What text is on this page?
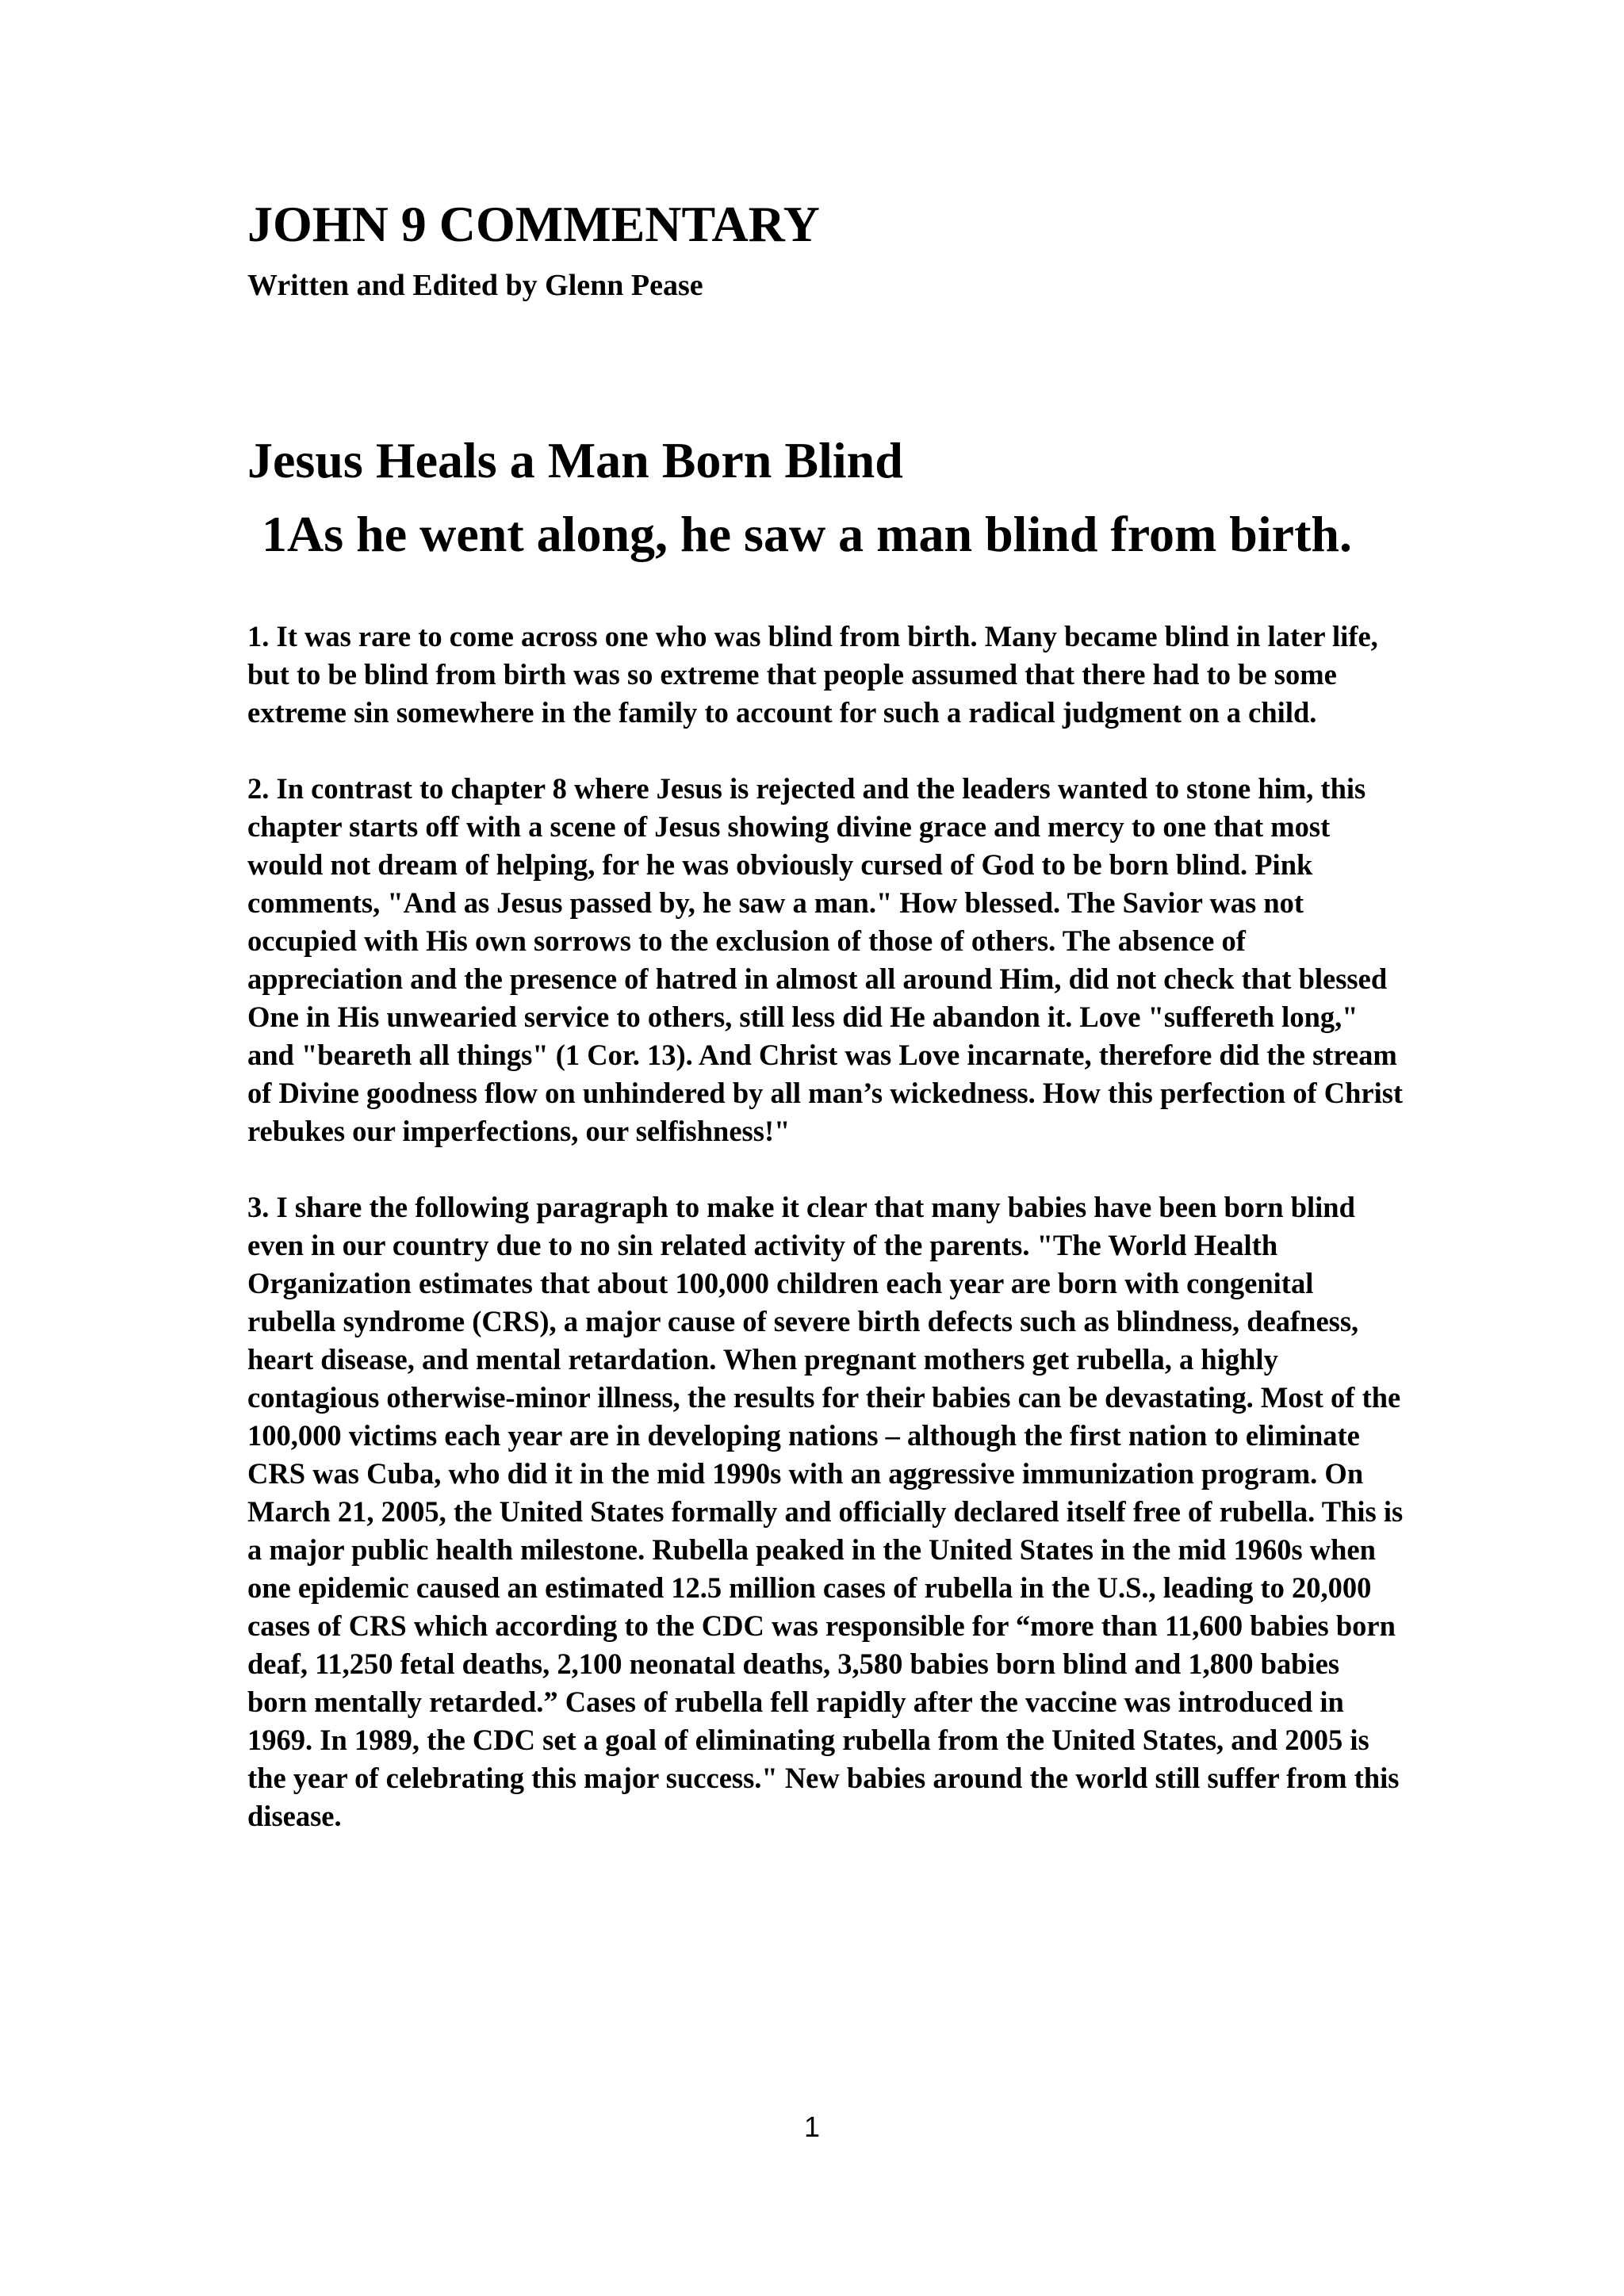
JOHN 9 COMMENTARY

Written and Edited by Glenn Pease

Jesus Heals a Man Born Blind
1As he went along, he saw a man blind from birth.

1. It was rare to come across one who was blind from birth. Many became blind in later life, but to be blind from birth was so extreme that people assumed that there had to be some extreme sin somewhere in the family to account for such a radical judgment on a child.

2. In contrast to chapter 8 where Jesus is rejected and the leaders wanted to stone him, this chapter starts off with a scene of Jesus showing divine grace and mercy to one that most would not dream of helping, for he was obviously cursed of God to be born blind. Pink comments, "And as Jesus passed by, he saw a man." How blessed. The Savior was not occupied with His own sorrows to the exclusion of those of others. The absence of appreciation and the presence of hatred in almost all around Him, did not check that blessed One in His unwearied service to others, still less did He abandon it. Love "suffereth long," and "beareth all things" (1 Cor. 13). And Christ was Love incarnate, therefore did the stream of Divine goodness flow on unhindered by all man’s wickedness. How this perfection of Christ rebukes our imperfections, our selfishness!"

3. I share the following paragraph to make it clear that many babies have been born blind even in our country due to no sin related activity of the parents. "The World Health Organization estimates that about 100,000 children each year are born with congenital rubella syndrome (CRS), a major cause of severe birth defects such as blindness, deafness, heart disease, and mental retardation. When pregnant mothers get rubella, a highly contagious otherwise-minor illness, the results for their babies can be devastating. Most of the 100,000 victims each year are in developing nations – although the first nation to eliminate CRS was Cuba, who did it in the mid 1990s with an aggressive immunization program. On March 21, 2005, the United States formally and officially declared itself free of rubella. This is a major public health milestone. Rubella peaked in the United States in the mid 1960s when one epidemic caused an estimated 12.5 million cases of rubella in the U.S., leading to 20,000 cases of CRS which according to the CDC was responsible for “more than 11,600 babies born deaf, 11,250 fetal deaths, 2,100 neonatal deaths, 3,580 babies born blind and 1,800 babies born mentally retarded.” Cases of rubella fell rapidly after the vaccine was introduced in 1969. In 1989, the CDC set a goal of eliminating rubella from the United States, and 2005 is the year of celebrating this major success." New babies around the world still suffer from this disease.

1
